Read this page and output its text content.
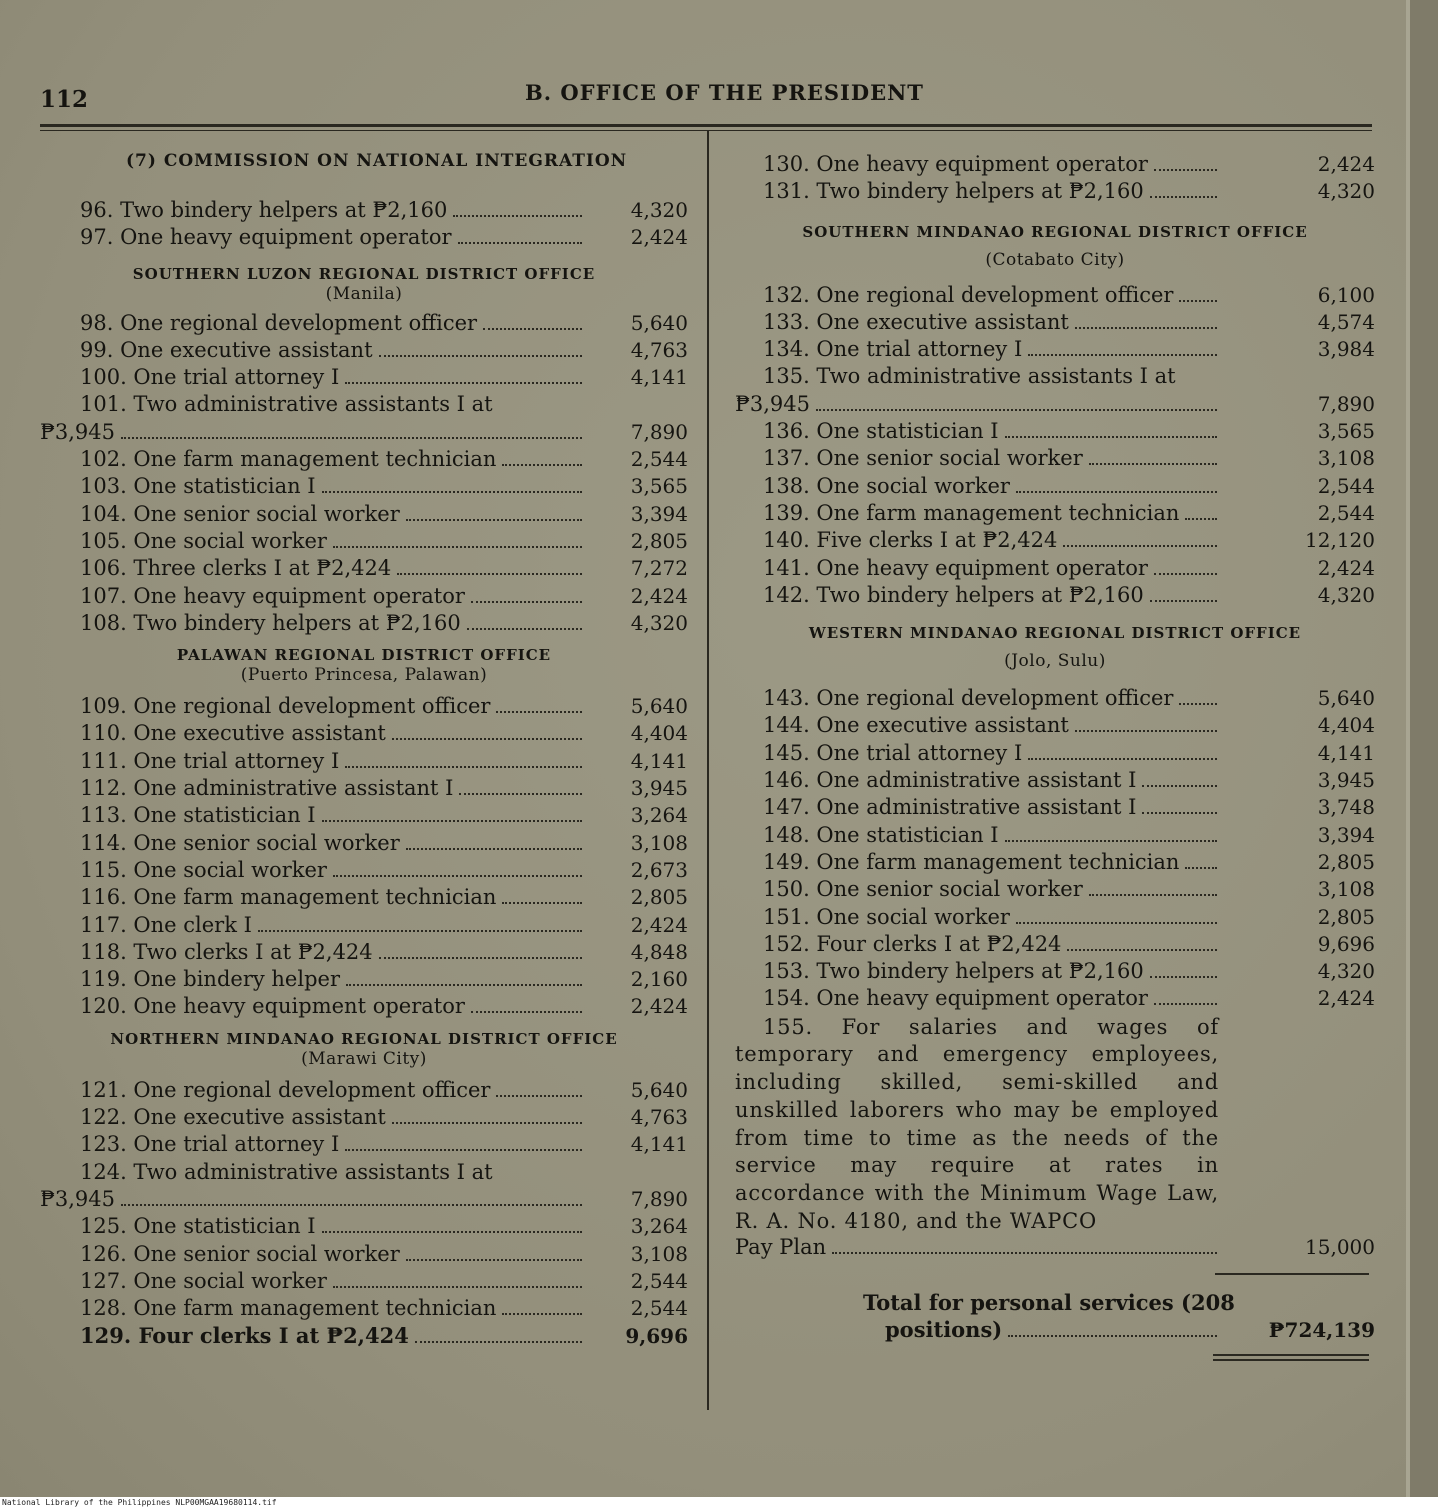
112	B. OFFICE OF THE PRESIDENT
(7) COMMISSION ON NATIONAL INTEGRATION
96. Two bindery helpers at ₱2,160	4,320
97. One heavy equipment operator	2,424
SOUTHERN LUZON REGIONAL DISTRICT OFFICE
(Manila)
98. One regional development officer	5,640
99. One executive assistant	4,763
100. One trial attorney I	4,141
101. Two administrative assistants I at
₱3,945	7,890
102. One farm management technician	2,544
103. One statistician I	3,565
104. One senior social worker	3,394
105. One social worker	2,805
106. Three clerks I at ₱2,424	7,272
107. One heavy equipment operator	2,424
108. Two bindery helpers at ₱2,160	4,320
PALAWAN REGIONAL DISTRICT OFFICE
(Puerto Princesa, Palawan)
109. One regional development officer	5,640
110. One executive assistant	4,404
111. One trial attorney I	4,141
112. One administrative assistant I	3,945
113. One statistician I	3,264
114. One senior social worker	3,108
115. One social worker	2,673
116. One farm management technician	2,805
117. One clerk I	2,424
118. Two clerks I at ₱2,424	4,848
119. One bindery helper	2,160
120. One heavy equipment operator	2,424
NORTHERN MINDANAO REGIONAL DISTRICT OFFICE
(Marawi City)
121. One regional development officer	5,640
122. One executive assistant	4,763
123. One trial attorney I	4,141
124. Two administrative assistants I at
₱3,945	7,890
125. One statistician I	3,264
126. One senior social worker	3,108
127. One social worker	2,544
128. One farm management technician	2,544
129. Four clerks I at ₱2,424	9,696
130. One heavy equipment operator	2,424
131. Two bindery helpers at ₱2,160	4,320
SOUTHERN MINDANAO REGIONAL DISTRICT OFFICE
(Cotabato City)
132. One regional development officer	6,100
133. One executive assistant	4,574
134. One trial attorney I	3,984
135. Two administrative assistants I at
₱3,945	7,890
136. One statistician I	3,565
137. One senior social worker	3,108
138. One social worker	2,544
139. One farm management technician	2,544
140. Five clerks I at ₱2,424	12,120
141. One heavy equipment operator	2,424
142. Two bindery helpers at ₱2,160	4,320
WESTERN MINDANAO REGIONAL DISTRICT OFFICE
(Jolo, Sulu)
143. One regional development officer	5,640
144. One executive assistant	4,404
145. One trial attorney I	4,141
146. One administrative assistant I	3,945
147. One administrative assistant I	3,748
148. One statistician I	3,394
149. One farm management technician	2,805
150. One senior social worker	3,108
151. One social worker	2,805
152. Four clerks I at ₱2,424	9,696
153. Two bindery helpers at ₱2,160	4,320
154. One heavy equipment operator	2,424
155. For salaries and wages of temporary and emergency employees, including skilled, semi-skilled and unskilled laborers who may be employed from time to time as the needs of the service may require at rates in accordance with the Minimum Wage Law, R. A. No. 4180, and the WAPCO
Pay Plan	15,000
Total for personal services (208
positions)	₱724,139
National Library of the Philippines NLP00MGAA19680114.tif
